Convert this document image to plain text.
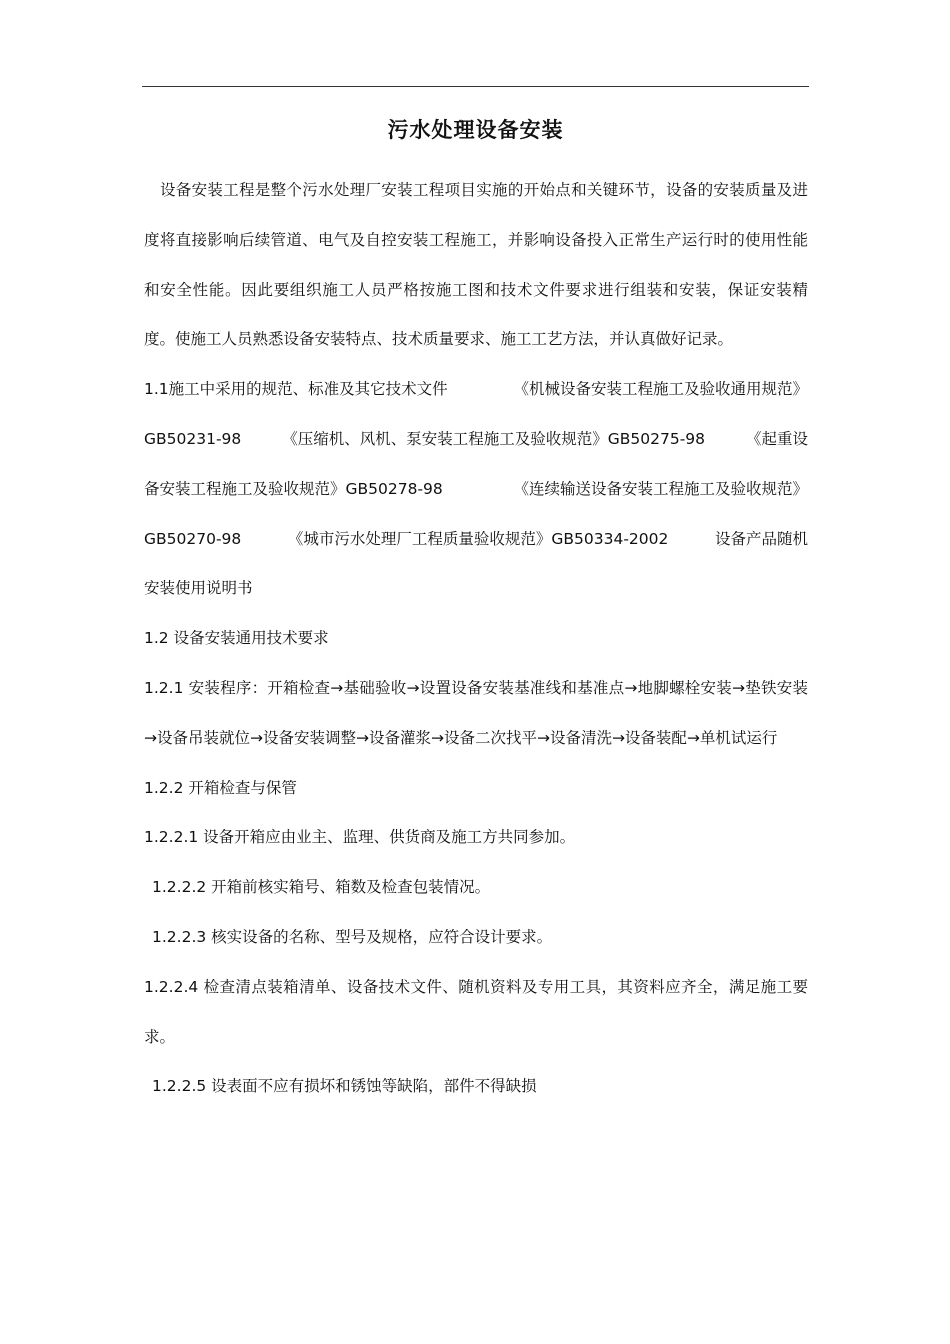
污水处理设备安装

设备安装工程是整个污水处理厂安装工程项目实施的开始点和关键环节，设备的安装质量及进度将直接影响后续管道、电气及自控安装工程施工，并影响设备投入正常生产运行时的使用性能和安全性能。因此要组织施工人员严格按施工图和技术文件要求进行组装和安装，保证安装精度。使施工人员熟悉设备安装特点、技术质量要求、施工工艺方法，并认真做好记录。

1.1施工中采用的规范、标准及其它技术文件	《机械设备安装工程施工及验收通用规范》
GB50231-98	《压缩机、风机、泵安装工程施工及验收规范》GB50275-98	《起重设
备安装工程施工及验收规范》GB50278-98	《连续输送设备安装工程施工及验收规范》
GB50270-98	《城市污水处理厂工程质量验收规范》GB50334-2002	设备产品随机

安装使用说明书

1.2 设备安装通用技术要求

1.2.1 安装程序：开箱检查→基础验收→设置设备安装基准线和基准点→地脚螺栓安装→垫铁安装→设备吊装就位→设备安装调整→设备灌浆→设备二次找平→设备清洗→设备装配→单机试运行

1.2.2 开箱检查与保管

1.2.2.1 设备开箱应由业主、监理、供货商及施工方共同参加。

1.2.2.2 开箱前核实箱号、箱数及检查包装情况。

1.2.2.3 核实设备的名称、型号及规格，应符合设计要求。

1.2.2.4 检查清点装箱清单、设备技术文件、随机资料及专用工具，其资料应齐全，满足施工要求。

1.2.2.5 设表面不应有损坏和锈蚀等缺陷，部件不得缺损
